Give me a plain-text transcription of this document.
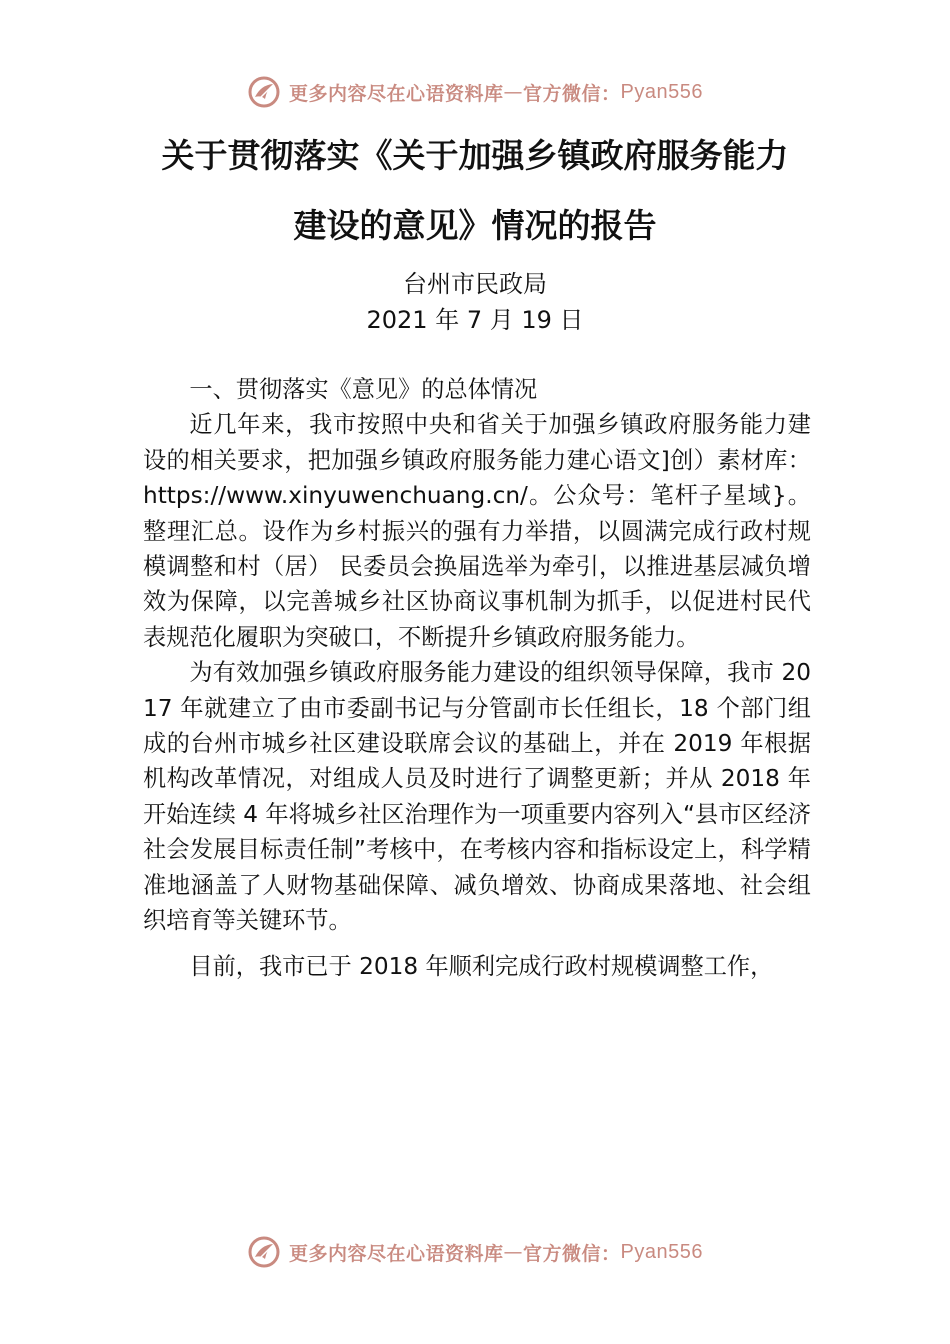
更多内容尽在心语资料库 — 官方微信： Pyan556
关于贯彻落实《关于加强乡镇政府服务能力
建设的意见》情况的报告
台州市民政局
2021 年 7 月 19 日

一、贯彻落实《意见》的总体情况

近几年来，我市按照中央和省关于加强乡镇政府服务能力建设的相关要求，把加强乡镇政府服务能力建心语文]创）素材库：https://www.xinyuwenchuang.cn/。公众号：笔杆子星域}。整理汇总。设作为乡村振兴的强有力举措，以圆满完成行政村规模调整和村（居） 民委员会换届选举为牵引，以推进基层减负增效为保障，以完善城乡社区协商议事机制为抓手，以促进村民代表规范化履职为突破口，不断提升乡镇政府服务能力。

为有效加强乡镇政府服务能力建设的组织领导保障，我市 2017 年就建立了由市委副书记与分管副市长任组长，18 个部门组成的台州市城乡社区建设联席会议的基础上，并在 2019 年根据机构改革情况，对组成人员及时进行了调整更新；并从 2018 年开始连续 4 年将城乡社区治理作为一项重要内容列入“县市区经济社会发展目标责任制”考核中，在考核内容和指标设定上，科学精准地涵盖了人财物基础保障、减负增效、协商成果落地、社会组织培育等关键环节。

目前，我市已于 2018 年顺利完成行政村规模调整工作，

更多内容尽在心语资料库 — 官方微信： Pyan556
